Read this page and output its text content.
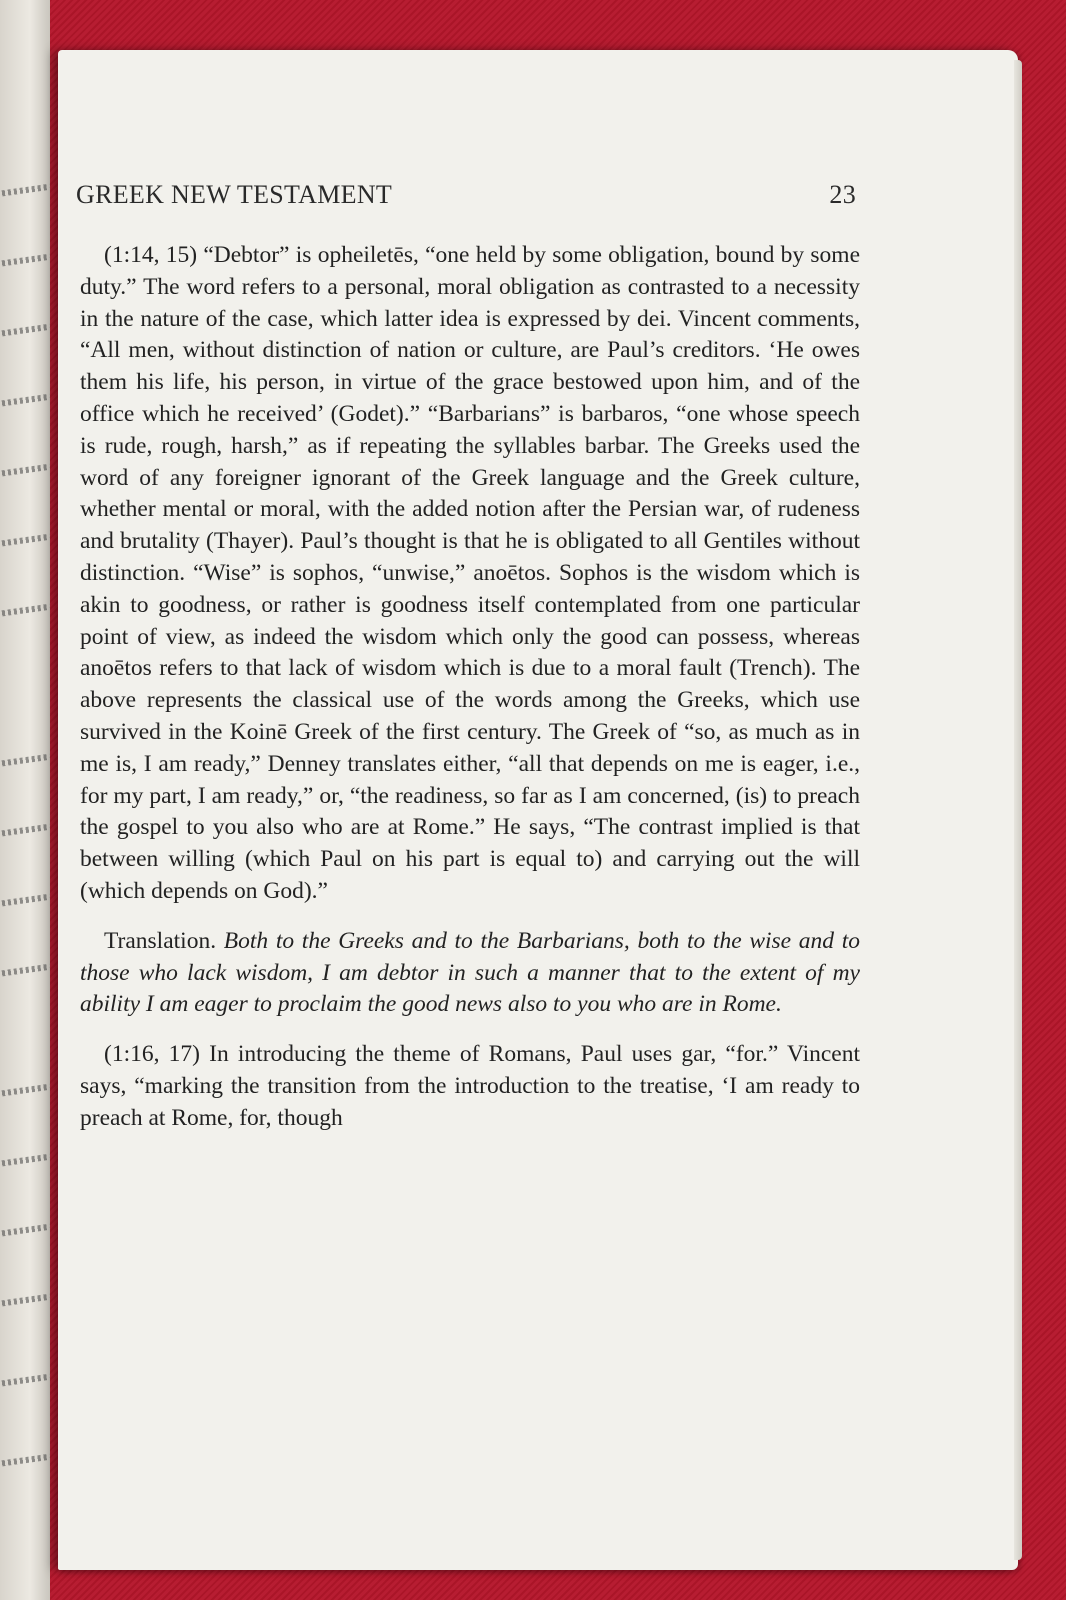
GREEK NEW TESTAMENT	23

(1:14, 15) “Debtor” is opheiletēs, “one held by some obligation, bound by some duty.” The word refers to a personal, moral obligation as contrasted to a necessity in the nature of the case, which latter idea is expressed by dei. Vincent comments, “All men, without distinction of nation or culture, are Paul’s creditors. ‘He owes them his life, his person, in virtue of the grace bestowed upon him, and of the office which he received’ (Godet).” “Barbarians” is barbaros, “one whose speech is rude, rough, harsh,” as if repeating the syllables barbar. The Greeks used the word of any foreigner ignorant of the Greek language and the Greek culture, whether mental or moral, with the added notion after the Persian war, of rudeness and brutality (Thayer). Paul’s thought is that he is obligated to all Gentiles without distinction. “Wise” is sophos, “unwise,” anoētos. Sophos is the wisdom which is akin to goodness, or rather is goodness itself contemplated from one particular point of view, as indeed the wisdom which only the good can possess, whereas anoētos refers to that lack of wisdom which is due to a moral fault (Trench). The above represents the classical use of the words among the Greeks, which use survived in the Koinē Greek of the first century. The Greek of “so, as much as in me is, I am ready,” Denney translates either, “all that depends on me is eager, i.e., for my part, I am ready,” or, “the readiness, so far as I am concerned, (is) to preach the gospel to you also who are at Rome.” He says, “The contrast implied is that between willing (which Paul on his part is equal to) and carrying out the will (which depends on God).”

Translation. Both to the Greeks and to the Barbarians, both to the wise and to those who lack wisdom, I am debtor in such a manner that to the extent of my ability I am eager to proclaim the good news also to you who are in Rome.

(1:16, 17) In introducing the theme of Romans, Paul uses gar, “for.” Vincent says, “marking the transition from the introduction to the treatise, ‘I am ready to preach at Rome, for, though
